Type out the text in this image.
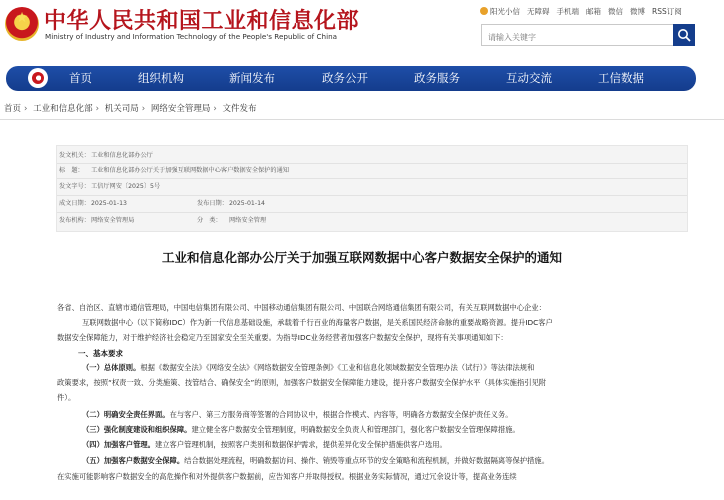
★ 中华人民共和国工业和信息化部
Ministry of Industry and Information Technology of the People's Republic of China
阳光小信 无障碍 手机端 邮箱 微信 微博 RSS订阅
请输入关键字
首页	组织机构	新闻发布	政务公开	政务服务	互动交流	工信数据
首页 › 工业和信息化部 › 机关司局 › 网络安全管理局 › 文件发布
发文机关： 工业和信息化部办公厅
标　题： 工业和信息化部办公厅关于加强互联网数据中心客户数据安全保护的通知
发文字号： 工信厅网安〔2025〕5号
成文日期： 2025-01-13	发布日期： 2025-01-14
发布机构： 网络安全管理局	分　类： 网络安全管理
工业和信息化部办公厅关于加强互联网数据中心客户数据安全保护的通知
各省、自治区、直辖市通信管理局，中国电信集团有限公司、中国移动通信集团有限公司、中国联合网络通信集团有限公司，有关互联网数据中心企业：
互联网数据中心（以下简称IDC）作为新一代信息基础设施，承载着千行百业的海量客户数据，是关系国民经济命脉的重要战略资源。提升IDC客户
数据安全保障能力，对于维护经济社会稳定乃至国家安全至关重要。为指导IDC业务经营者加强客户数据安全保护，现将有关事项通知如下：
一、基本要求
（一）总体原则。根据《数据安全法》《网络安全法》《网络数据安全管理条例》《工业和信息化领域数据安全管理办法（试行）》等法律法规和
政策要求，按照“权责一致、分类施策、技管结合、确保安全”的原则，加强客户数据安全保障能力建设，提升客户数据安全保护水平（具体实施指引见附
件）。
（二）明确安全责任界面。在与客户、第三方服务商等签署的合同协议中，根据合作模式、内容等，明确各方数据安全保护责任义务。
（三）强化制度建设和组织保障。建立健全客户数据安全管理制度，明确数据安全负责人和管理部门，强化客户数据安全管理保障措施。
（四）加强客户管理。建立客户管理机制，按照客户类别和数据保护需求，提供差异化安全保护措施供客户选用。
（五）加强客户数据安全保障。结合数据处理流程，明确数据访问、操作、销毁等重点环节的安全策略和流程机制，并做好数据隔离等保护措施。
在实施可能影响客户数据安全的高危操作和对外提供客户数据前，应告知客户并取得授权。根据业务实际情况，通过冗余设计等，提高业务连续
